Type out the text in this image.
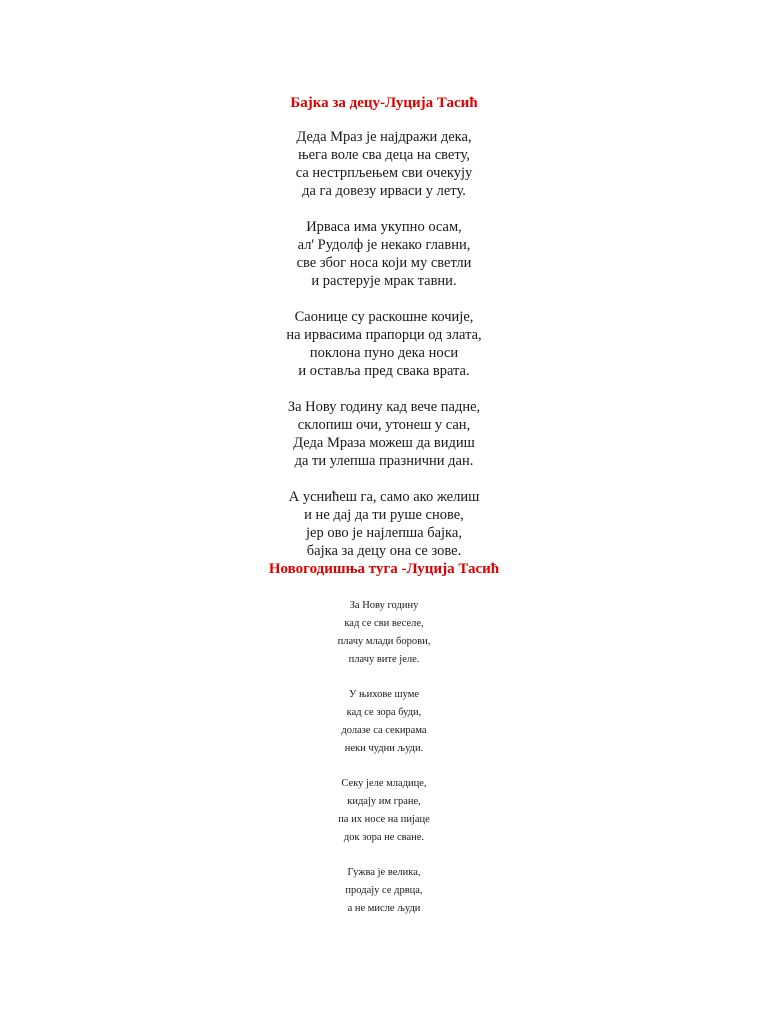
Бајка за децу-Луција Тасић
Деда Мраз је најдражи дека,
њега воле сва деца на свету,
са нестрпљењем сви очекују
да га довезу ирваси у лету.
Ирваса има укупно осам,
ал' Рудолф је некако главни,
све због носа који му светли
и растерује мрак тавни.
Саонице су раскошне кочије,
на ирвасима прапорци од злата,
поклона пуно дека носи
и оставља пред свака врата.
За Нову годину кад вече падне,
склопиш очи, утонеш у сан,
Деда Мраза можеш да видиш
да ти улепша празнични дан.
А уснићеш га, само ако желиш
и не дај да ти руше снове,
јер ово је најлепша бајка,
бајка за децу она се зове.
Новогодишња туга -Луција Тасић
За Нову годину
кад се сви веселе,
плачу млади борови,
плачу витe јеле.
У њихове шуме
кад се зора буди,
долазе са секирама
неки чудни људи.
Секу јеле младице,
кидају им гране,
па их носе на пијаце
док зора не сване.
Гужва је велика,
продају се дрвца,
а не мисле људи
